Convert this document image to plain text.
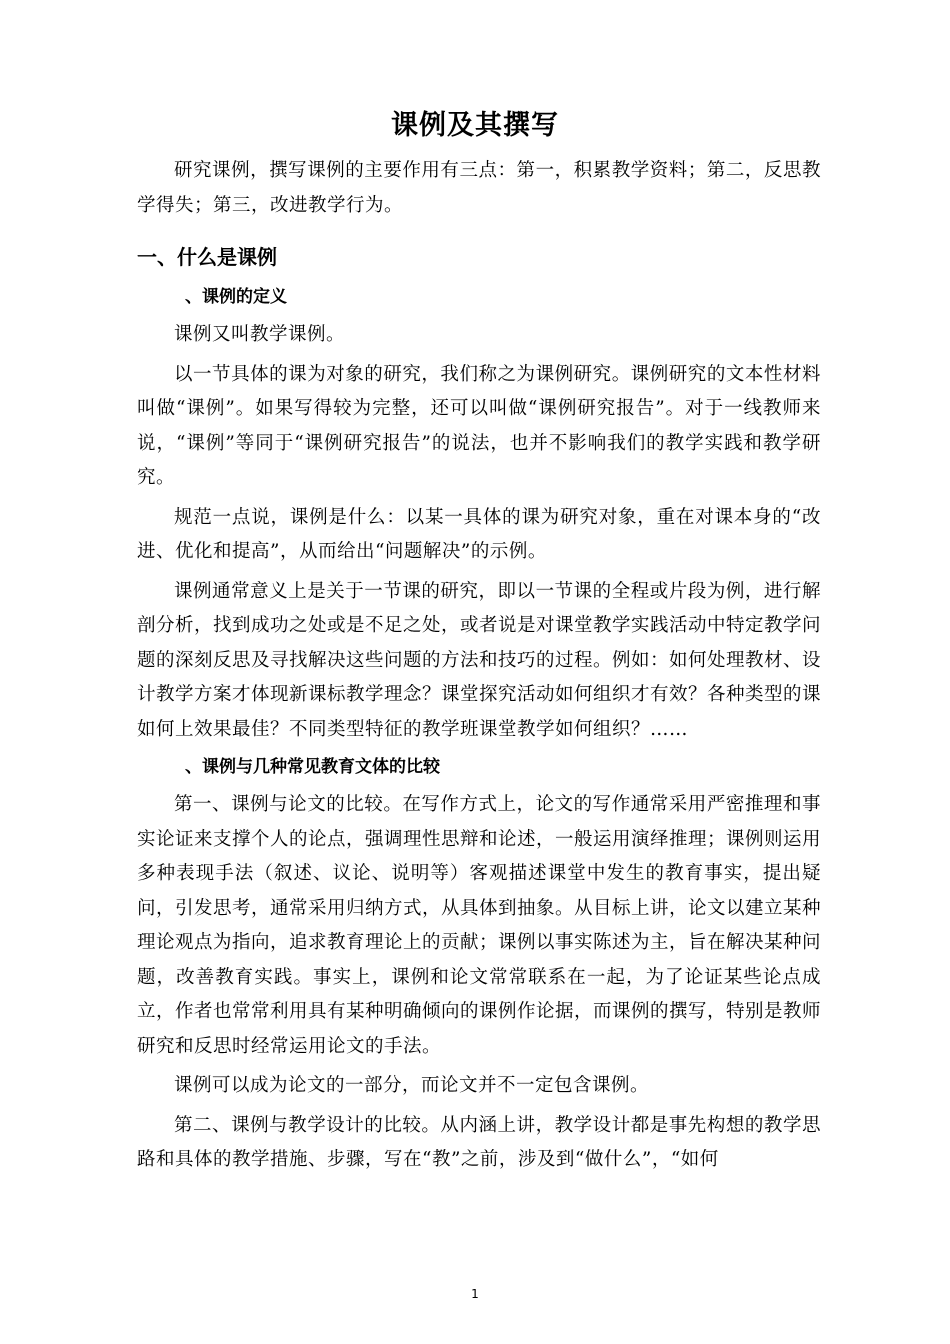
课例及其撰写

研究课例，撰写课例的主要作用有三点：第一，积累教学资料；第二，反思教学得失；第三，改进教学行为。

一、什么是课例
、课例的定义

课例又叫教学课例。

以一节具体的课为对象的研究，我们称之为课例研究。课例研究的文本性材料叫做“课例”。如果写得较为完整，还可以叫做“课例研究报告”。对于一线教师来说，“课例”等同于“课例研究报告”的说法，也并不影响我们的教学实践和教学研究。

规范一点说，课例是什么：以某一具体的课为研究对象，重在对课本身的“改进、优化和提高”，从而给出“问题解决”的示例。

课例通常意义上是关于一节课的研究，即以一节课的全程或片段为例，进行解剖分析，找到成功之处或是不足之处，或者说是对课堂教学实践活动中特定教学问题的深刻反思及寻找解决这些问题的方法和技巧的过程。例如：如何处理教材、设计教学方案才体现新课标教学理念？课堂探究活动如何组织才有效？各种类型的课如何上效果最佳？不同类型特征的教学班课堂教学如何组织？……

、课例与几种常见教育文体的比较

第一、课例与论文的比较。在写作方式上，论文的写作通常采用严密推理和事实论证来支撑个人的论点，强调理性思辩和论述，一般运用演绎推理；课例则运用多种表现手法（叙述、议论、说明等）客观描述课堂中发生的教育事实，提出疑问，引发思考，通常采用归纳方式，从具体到抽象。从目标上讲，论文以建立某种理论观点为指向，追求教育理论上的贡献；课例以事实陈述为主，旨在解决某种问题，改善教育实践。事实上，课例和论文常常联系在一起，为了论证某些论点成立，作者也常常利用具有某种明确倾向的课例作论据，而课例的撰写，特别是教师研究和反思时经常运用论文的手法。

课例可以成为论文的一部分，而论文并不一定包含课例。

第二、课例与教学设计的比较。从内涵上讲，教学设计都是事先构想的教学思路和具体的教学措施、步骤，写在“教”之前，涉及到“做什么”，“如何

1
